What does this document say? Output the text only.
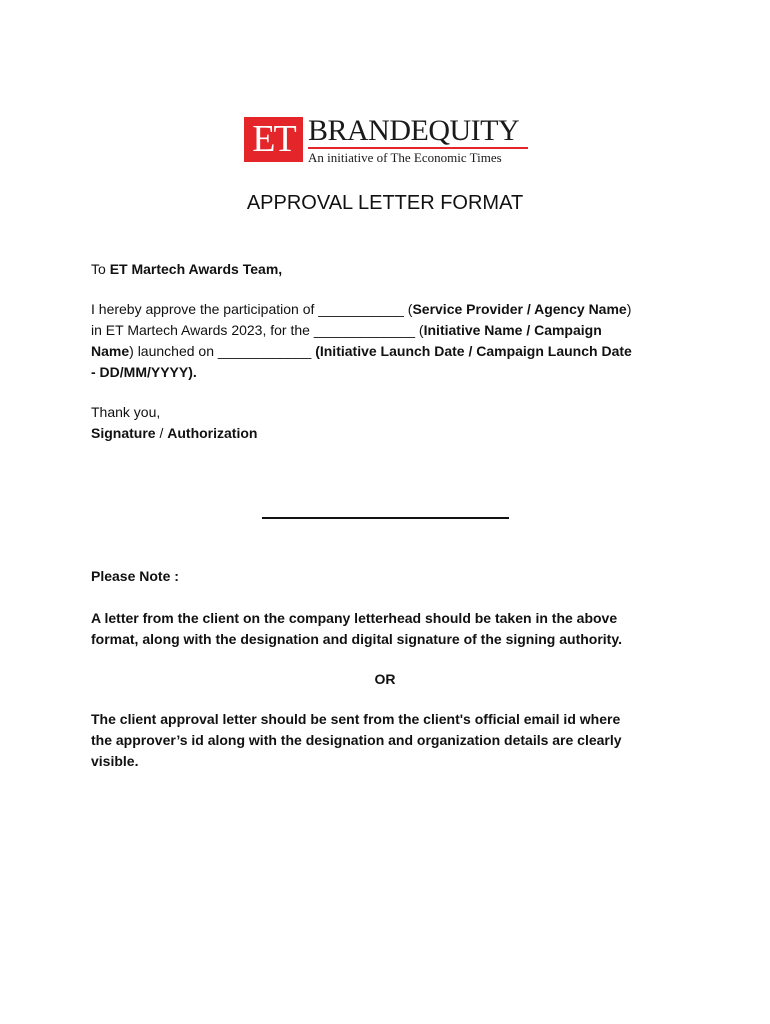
ET BRANDEQUITY
An initiative of The Economic Times
APPROVAL LETTER FORMAT
To ET Martech Awards Team,
I hereby approve the participation of ___________ (Service Provider / Agency Name)
in ET Martech Awards 2023, for the _____________ (Initiative Name / Campaign
Name) launched on ____________ (Initiative Launch Date / Campaign Launch Date
- DD/MM/YYYY).
Thank you,
Signature / Authorization
Please Note :
A letter from the client on the company letterhead should be taken in the above
format, along with the designation and digital signature of the signing authority.
OR
The client approval letter should be sent from the client's official email id where
the approver’s id along with the designation and organization details are clearly
visible.
